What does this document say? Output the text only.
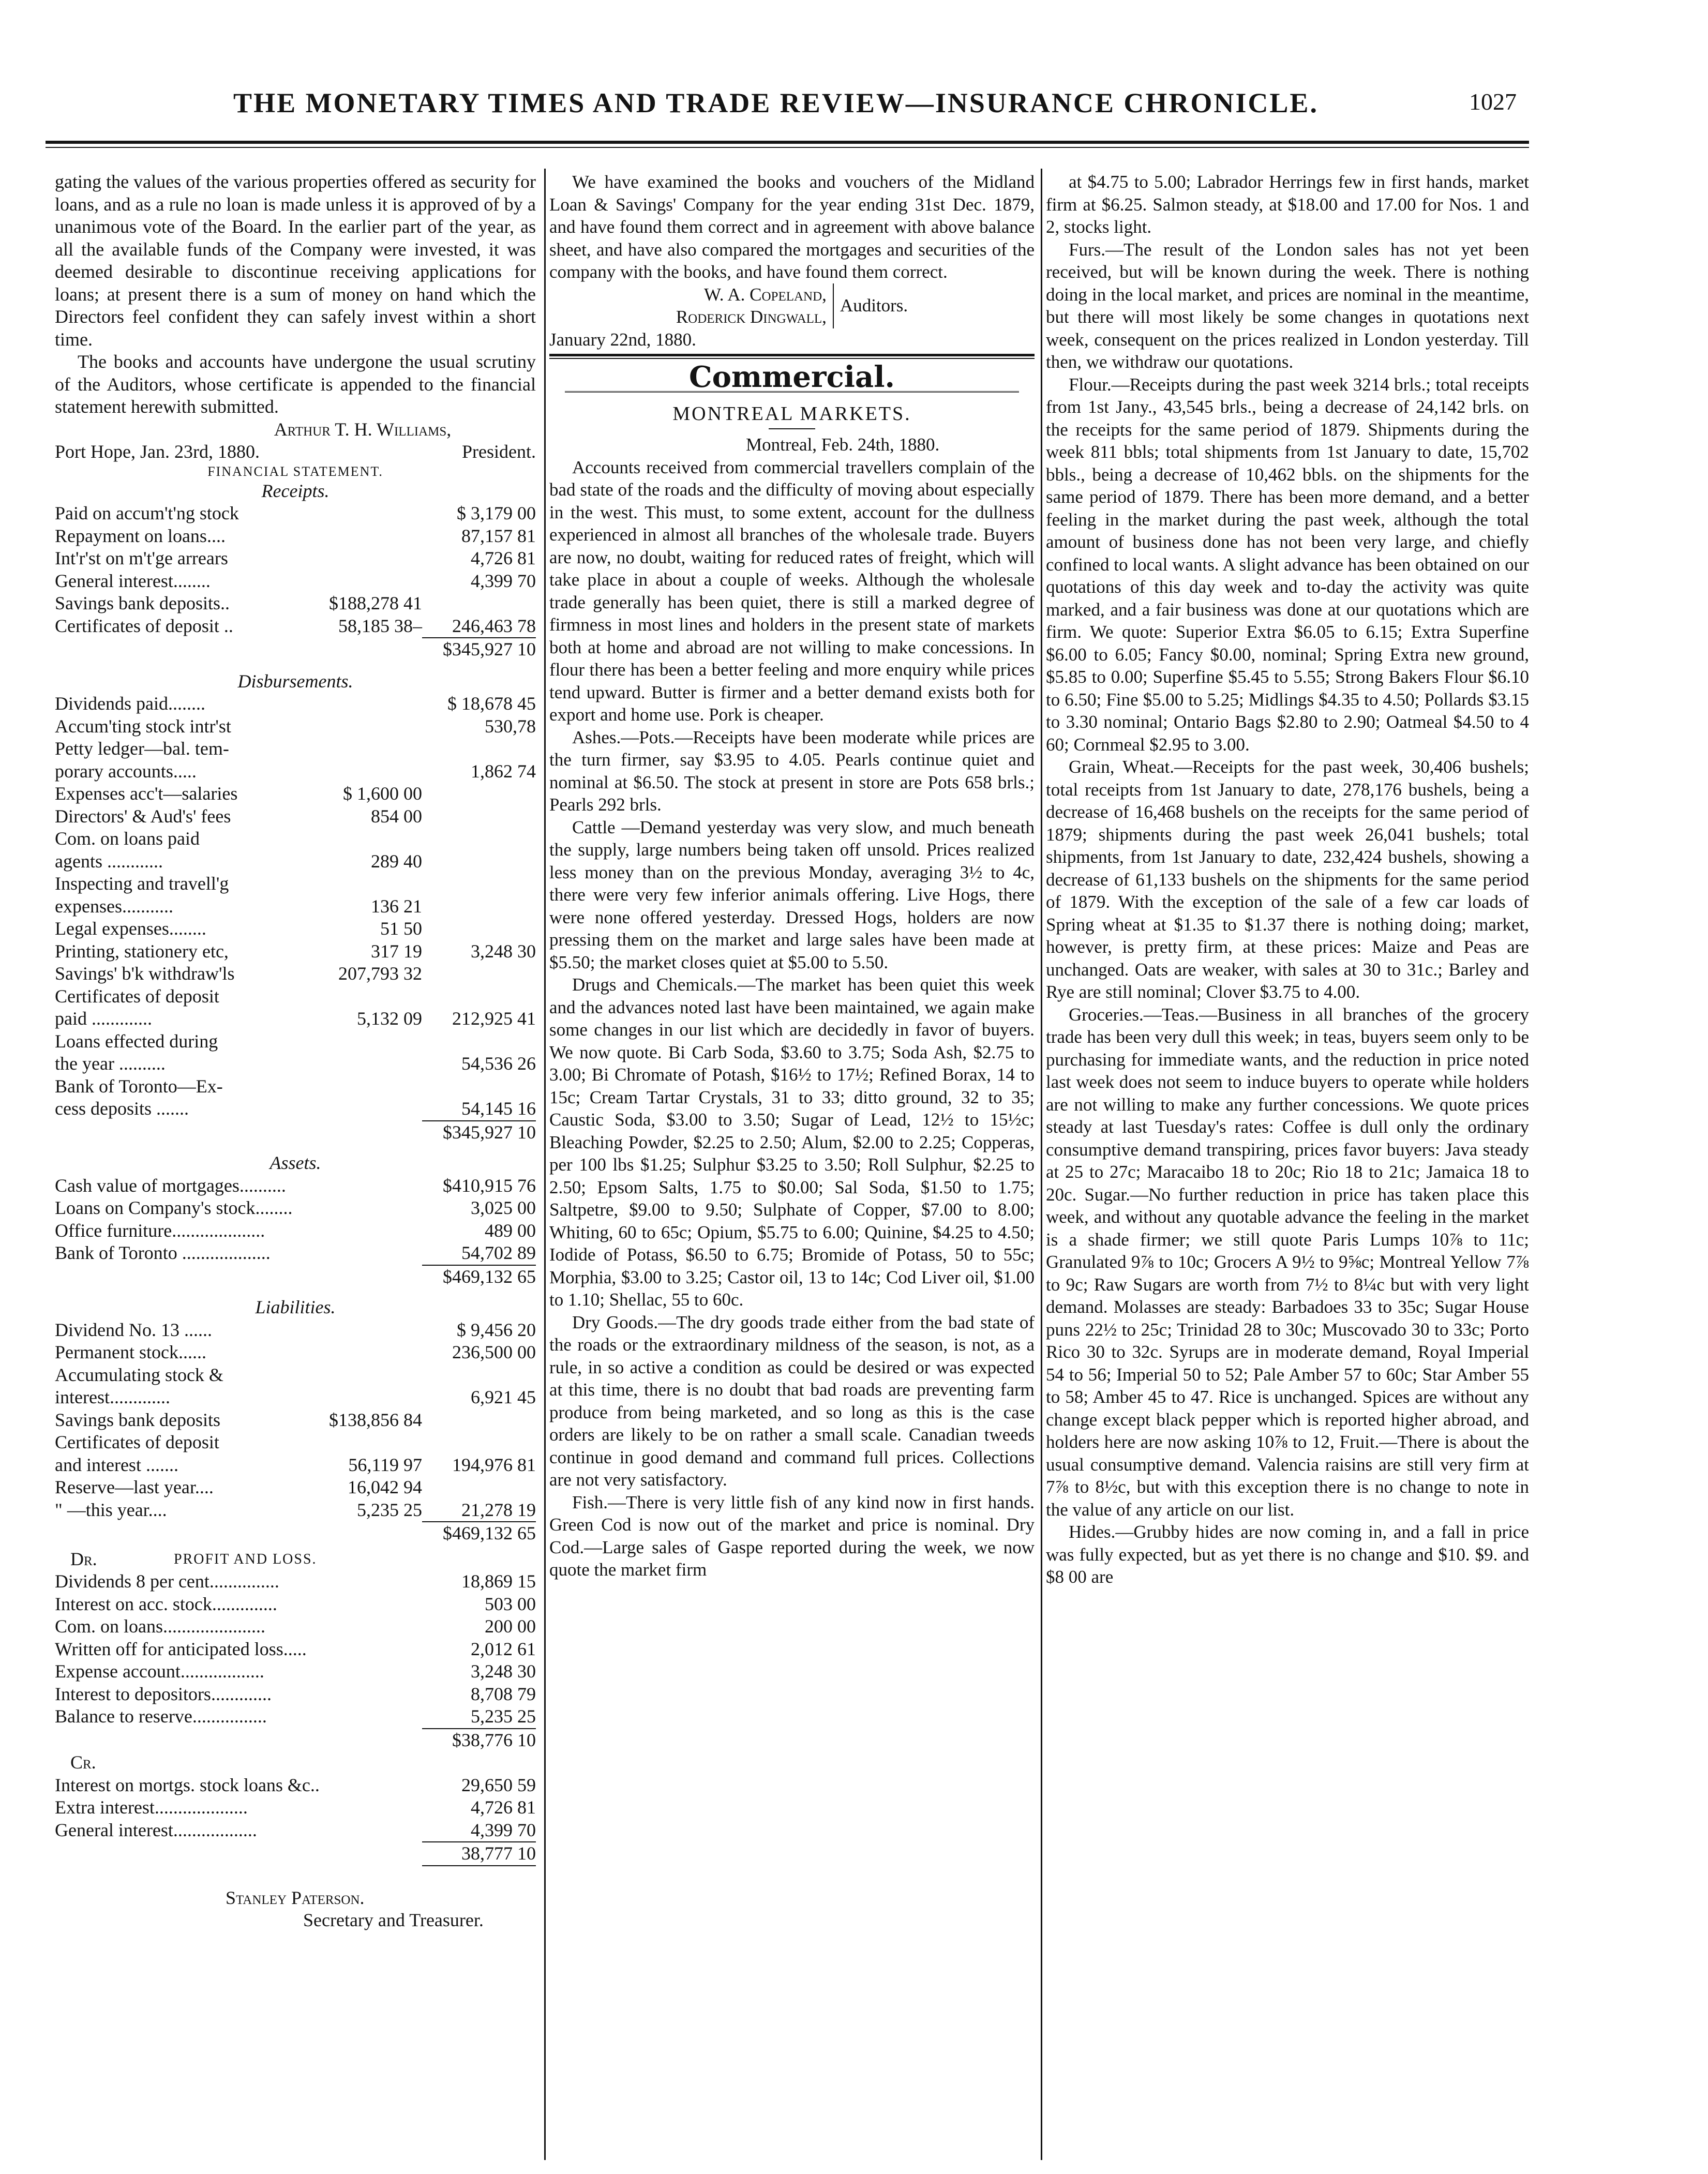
THE MONETARY TIMES AND TRADE REVIEW—INSURANCE CHRONICLE.	1027

gating the values of the various properties offered as security for loans, and as a rule no loan is made unless it is approved of by a unanimous vote of the Board. In the earlier part of the year, as all the available funds of the Company were invested, it was deemed desirable to discontinue receiving applications for loans; at present there is a sum of money on hand which the Directors feel confident they can safely invest within a short time.

The books and accounts have undergone the usual scrutiny of the Auditors, whose certificate is appended to the financial statement herewith submitted.

Arthur T. H. Williams,
Port Hope, Jan. 23rd, 1880.	President.
FINANCIAL STATEMENT.
Receipts.
Paid on accum't'ng stock	$ 3,179 00
Repayment on loans....	87,157 81
Int'r'st on m't'ge arrears	4,726 81
General interest........	4,399 70
Savings bank deposits..	$188,278 41
Certificates of deposit ..	58,185 38–	246,463 78
$345,927 10
Disbursements.
Dividends paid........	$ 18,678 45
Accum'ting stock intr'st	530,78
Petty ledger—bal. tem-
porary accounts.....	1,862 74
Expenses acc't—salaries	$ 1,600 00
Directors' & Aud's' fees	854 00
Com. on loans paid
agents ............	289 40
Inspecting and travell'g
expenses...........	136 21
Legal expenses........	51 50
Printing, stationery etc,	317 19	3,248 30
Savings' b'k withdraw'ls	207,793 32
Certificates of deposit
paid .............	5,132 09	212,925 41
Loans effected during
the year ..........	54,536 26
Bank of Toronto—Ex-
cess deposits .......	54,145 16
$345,927 10
Assets.
Cash value of mortgages..........	$410,915 76
Loans on Company's stock........	3,025 00
Office furniture....................	489 00
Bank of Toronto ...................	54,702 89
$469,132 65
Liabilities.
Dividend No. 13 ......	$ 9,456 20
Permanent stock......	236,500 00
Accumulating stock &
interest.............	6,921 45
Savings bank deposits	$138,856 84
Certificates of deposit
and interest .......	56,119 97	194,976 81
Reserve—last year....	16,042 94
" —this year....	5,235 25	21,278 19
$469,132 65
Dr.	PROFIT AND LOSS.
Dividends 8 per cent...............	18,869 15
Interest on acc. stock..............	503 00
Com. on loans......................	200 00
Written off for anticipated loss.....	2,012 61
Expense account..................	3,248 30
Interest to depositors.............	8,708 79
Balance to reserve................	5,235 25
$38,776 10
Cr.
Interest on mortgs. stock loans &c..	29,650 59
Extra interest....................	4,726 81
General interest..................	4,399 70
38,777 10
Stanley Paterson.
Secretary and Treasurer.

We have examined the books and vouchers of the Midland Loan & Savings' Company for the year ending 31st Dec. 1879, and have found them correct and in agreement with above balance sheet, and have also compared the mortgages and securities of the company with the books, and have found them correct.

W. A. Copeland,
Roderick Dingwall,
Auditors.
January 22nd, 1880.
Commercial.
MONTREAL MARKETS.
Montreal, Feb. 24th, 1880.

Accounts received from commercial travellers complain of the bad state of the roads and the difficulty of moving about especially in the west. This must, to some extent, account for the dullness experienced in almost all branches of the wholesale trade. Buyers are now, no doubt, waiting for reduced rates of freight, which will take place in about a couple of weeks. Although the wholesale trade generally has been quiet, there is still a marked degree of firmness in most lines and holders in the present state of markets both at home and abroad are not willing to make concessions. In flour there has been a better feeling and more enquiry while prices tend upward. Butter is firmer and a better demand exists both for export and home use. Pork is cheaper.

Ashes.—Pots.—Receipts have been moderate while prices are the turn firmer, say $3.95 to 4.05. Pearls continue quiet and nominal at $6.50. The stock at present in store are Pots 658 brls.; Pearls 292 brls.

Cattle —Demand yesterday was very slow, and much beneath the supply, large numbers being taken off unsold. Prices realized less money than on the previous Monday, averaging 3½ to 4c, there were very few inferior animals offering. Live Hogs, there were none offered yesterday. Dressed Hogs, holders are now pressing them on the market and large sales have been made at $5.50; the market closes quiet at $5.00 to 5.50.

Drugs and Chemicals.—The market has been quiet this week and the advances noted last have been maintained, we again make some changes in our list which are decidedly in favor of buyers. We now quote. Bi Carb Soda, $3.60 to 3.75; Soda Ash, $2.75 to 3.00; Bi Chromate of Potash, $16½ to 17½; Refined Borax, 14 to 15c; Cream Tartar Crystals, 31 to 33; ditto ground, 32 to 35; Caustic Soda, $3.00 to 3.50; Sugar of Lead, 12½ to 15½c; Bleaching Powder, $2.25 to 2.50; Alum, $2.00 to 2.25; Copperas, per 100 lbs $1.25; Sulphur $3.25 to 3.50; Roll Sulphur, $2.25 to 2.50; Epsom Salts, 1.75 to $0.00; Sal Soda, $1.50 to 1.75; Saltpetre, $9.00 to 9.50; Sulphate of Copper, $7.00 to 8.00; Whiting, 60 to 65c; Opium, $5.75 to 6.00; Quinine, $4.25 to 4.50; Iodide of Potass, $6.50 to 6.75; Bromide of Potass, 50 to 55c; Morphia, $3.00 to 3.25; Castor oil, 13 to 14c; Cod Liver oil, $1.00 to 1.10; Shellac, 55 to 60c.

Dry Goods.—The dry goods trade either from the bad state of the roads or the extraordinary mildness of the season, is not, as a rule, in so active a condition as could be desired or was expected at this time, there is no doubt that bad roads are preventing farm produce from being marketed, and so long as this is the case orders are likely to be on rather a small scale. Canadian tweeds continue in good demand and command full prices. Collections are not very satisfactory.

Fish.—There is very little fish of any kind now in first hands. Green Cod is now out of the market and price is nominal. Dry Cod.—Large sales of Gaspe reported during the week, we now quote the market firm

at $4.75 to 5.00; Labrador Herrings few in first hands, market firm at $6.25. Salmon steady, at $18.00 and 17.00 for Nos. 1 and 2, stocks light.

Furs.—The result of the London sales has not yet been received, but will be known during the week. There is nothing doing in the local market, and prices are nominal in the meantime, but there will most likely be some changes in quotations next week, consequent on the prices realized in London yesterday. Till then, we withdraw our quotations.

Flour.—Receipts during the past week 3214 brls.; total receipts from 1st Jany., 43,545 brls., being a decrease of 24,142 brls. on the receipts for the same period of 1879. Shipments during the week 811 bbls; total shipments from 1st January to date, 15,702 bbls., being a decrease of 10,462 bbls. on the shipments for the same period of 1879. There has been more demand, and a better feeling in the market during the past week, although the total amount of business done has not been very large, and chiefly confined to local wants. A slight advance has been obtained on our quotations of this day week and to-day the activity was quite marked, and a fair business was done at our quotations which are firm. We quote: Superior Extra $6.05 to 6.15; Extra Superfine $6.00 to 6.05; Fancy $0.00, nominal; Spring Extra new ground, $5.85 to 0.00; Superfine $5.45 to 5.55; Strong Bakers Flour $6.10 to 6.50; Fine $5.00 to 5.25; Midlings $4.35 to 4.50; Pollards $3.15 to 3.30 nominal; Ontario Bags $2.80 to 2.90; Oatmeal $4.50 to 4 60; Cornmeal $2.95 to 3.00.

Grain, Wheat.—Receipts for the past week, 30,406 bushels; total receipts from 1st January to date, 278,176 bushels, being a decrease of 16,468 bushels on the receipts for the same period of 1879; shipments during the past week 26,041 bushels; total shipments, from 1st January to date, 232,424 bushels, showing a decrease of 61,133 bushels on the shipments for the same period of 1879. With the exception of the sale of a few car loads of Spring wheat at $1.35 to $1.37 there is nothing doing; market, however, is pretty firm, at these prices: Maize and Peas are unchanged. Oats are weaker, with sales at 30 to 31c.; Barley and Rye are still nominal; Clover $3.75 to 4.00.

Groceries.—Teas.—Business in all branches of the grocery trade has been very dull this week; in teas, buyers seem only to be purchasing for immediate wants, and the reduction in price noted last week does not seem to induce buyers to operate while holders are not willing to make any further concessions. We quote prices steady at last Tuesday's rates: Coffee is dull only the ordinary consumptive demand transpiring, prices favor buyers: Java steady at 25 to 27c; Maracaibo 18 to 20c; Rio 18 to 21c; Jamaica 18 to 20c. Sugar.—No further reduction in price has taken place this week, and without any quotable advance the feeling in the market is a shade firmer; we still quote Paris Lumps 10⅞ to 11c; Granulated 9⅞ to 10c; Grocers A 9½ to 9⅝c; Montreal Yellow 7⅞ to 9c; Raw Sugars are worth from 7½ to 8¼c but with very light demand. Molasses are steady: Barbadoes 33 to 35c; Sugar House puns 22½ to 25c; Trinidad 28 to 30c; Muscovado 30 to 33c; Porto Rico 30 to 32c. Syrups are in moderate demand, Royal Imperial 54 to 56; Imperial 50 to 52; Pale Amber 57 to 60c; Star Amber 55 to 58; Amber 45 to 47. Rice is unchanged. Spices are without any change except black pepper which is reported higher abroad, and holders here are now asking 10⅞ to 12, Fruit.—There is about the usual consumptive demand. Valencia raisins are still very firm at 7⅞ to 8½c, but with this exception there is no change to note in the value of any article on our list.

Hides.—Grubby hides are now coming in, and a fall in price was fully expected, but as yet there is no change and $10. $9. and $8 00 are
